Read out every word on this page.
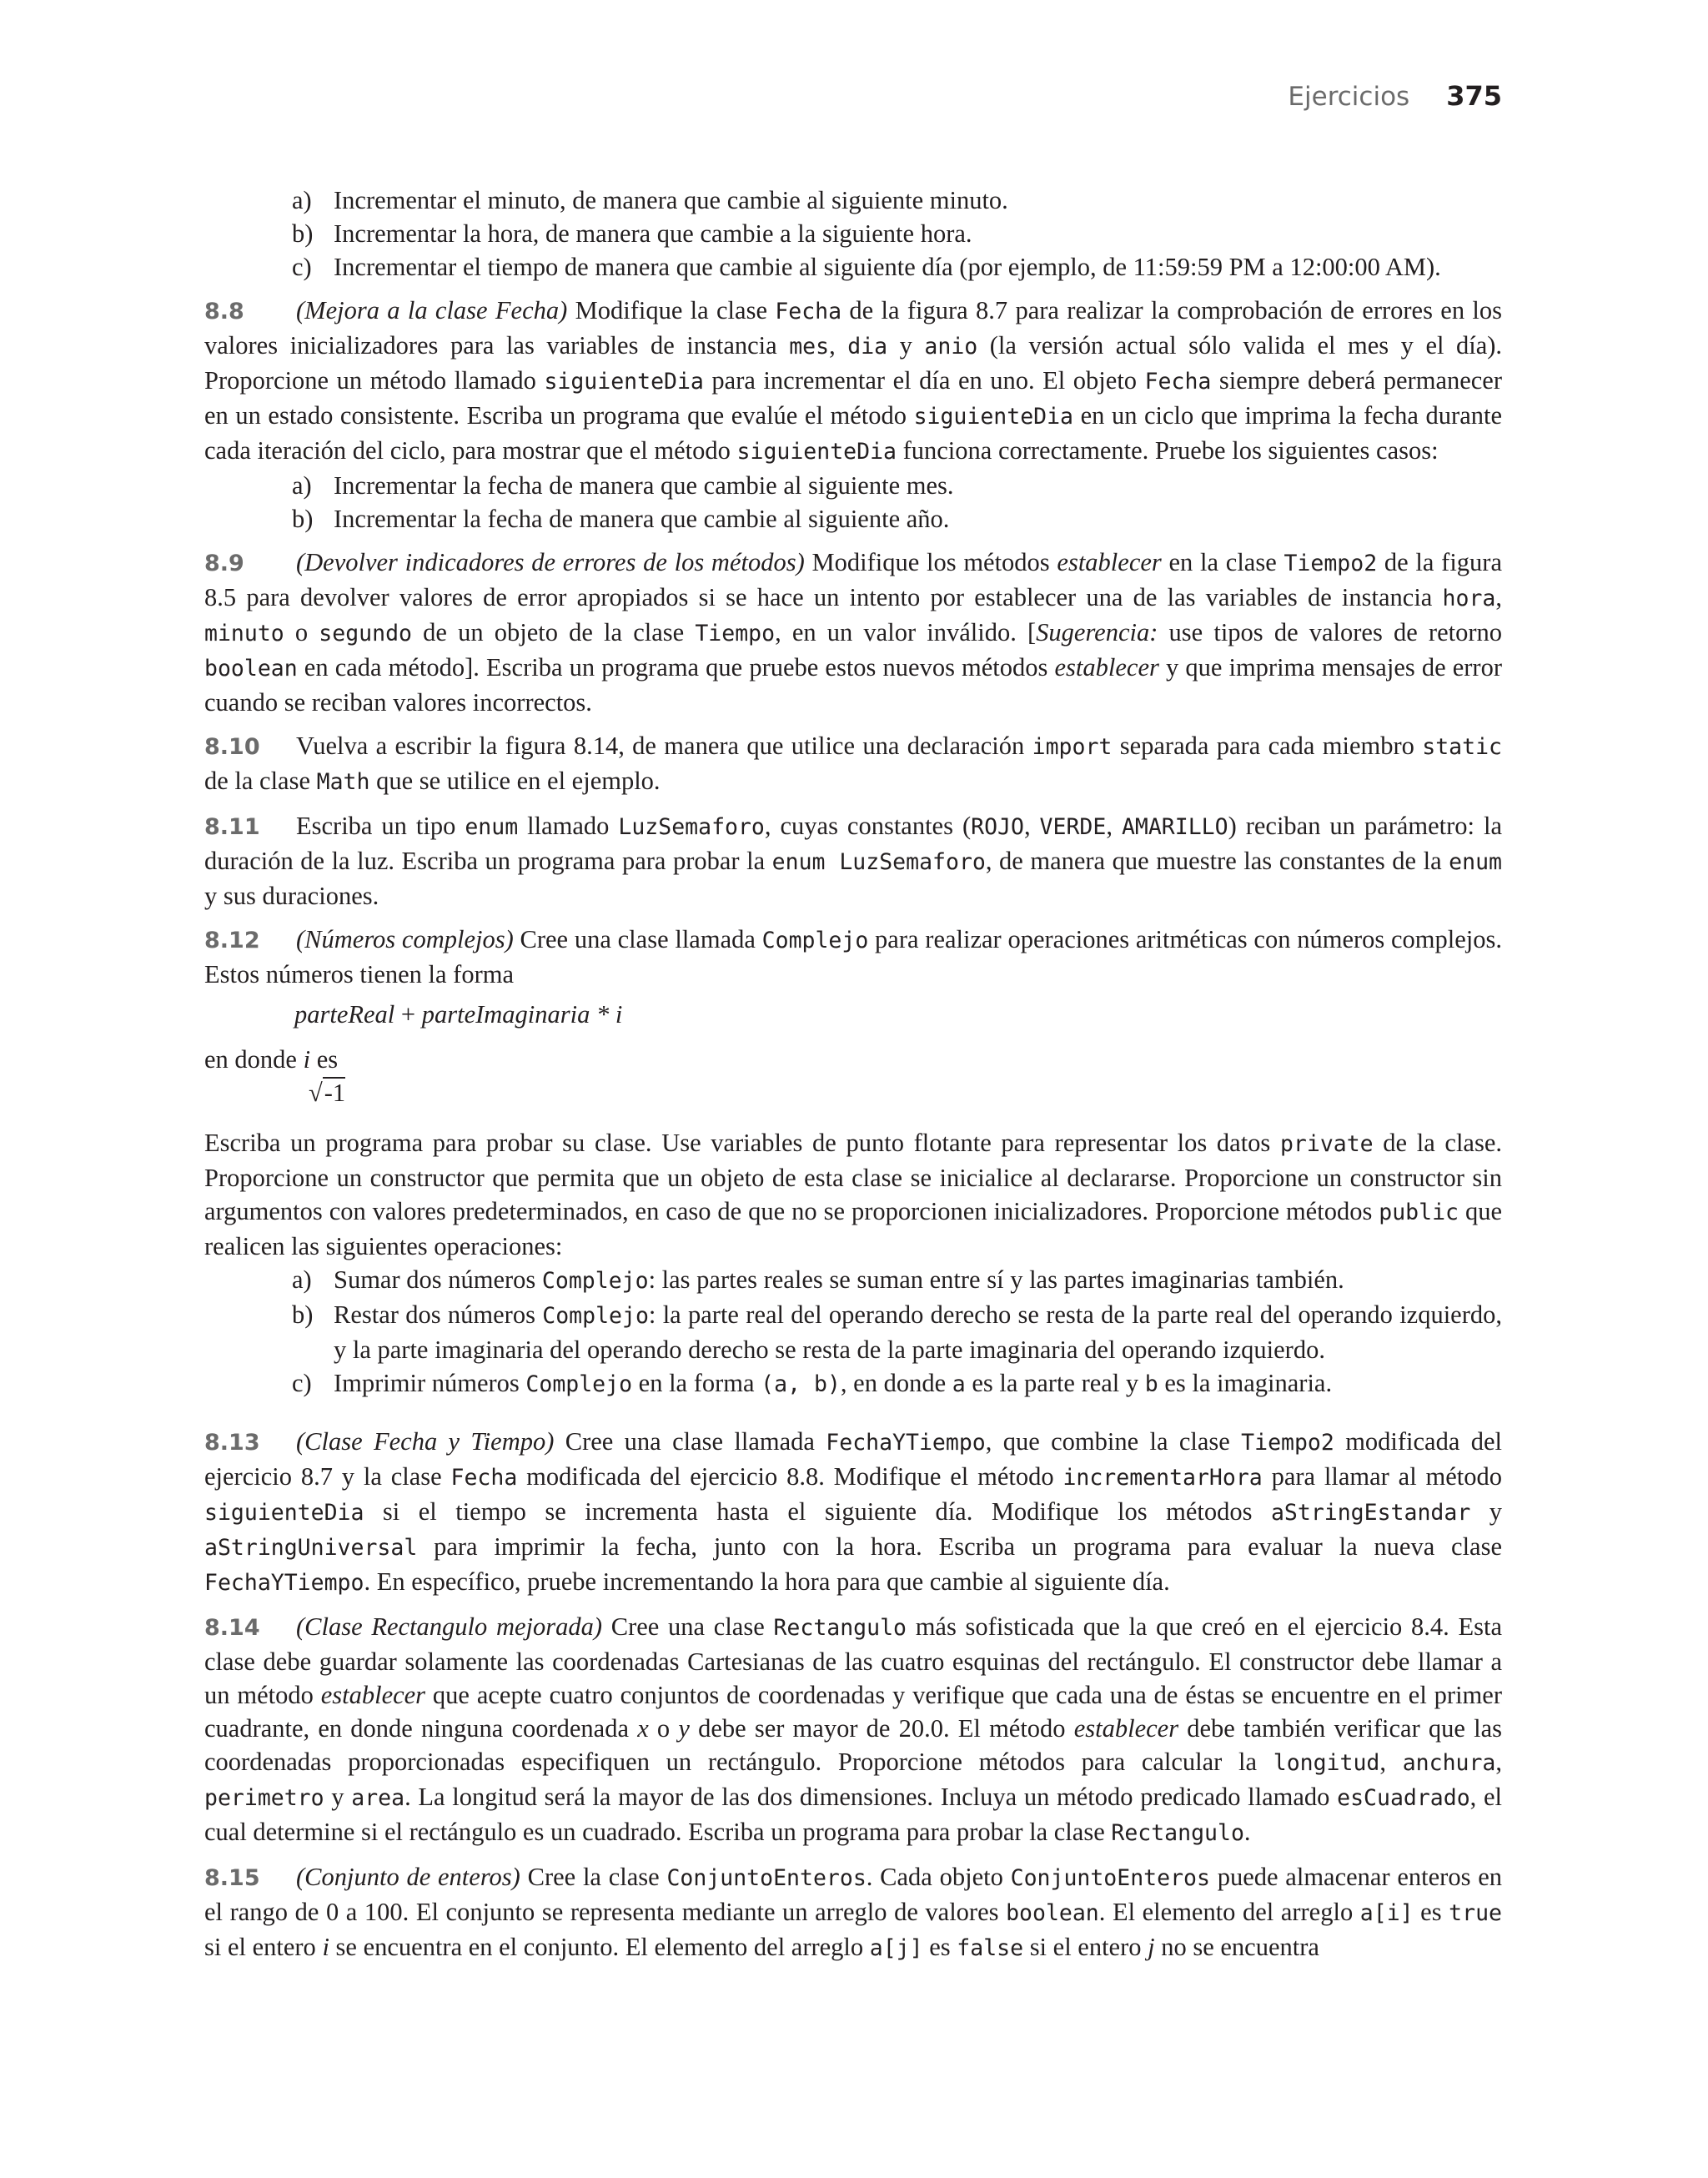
Ejercicios 375

a) Incrementar el minuto, de manera que cambie al siguiente minuto.

b) Incrementar la hora, de manera que cambie a la siguiente hora.

c) Incrementar el tiempo de manera que cambie al siguiente día (por ejemplo, de 11:59:59 PM a 12:00:00 AM).

8.8 (Mejora a la clase Fecha) Modifique la clase Fecha de la figura 8.7 para realizar la comprobación de errores en los valores inicializadores para las variables de instancia mes, dia y anio (la versión actual sólo valida el mes y el día). Proporcione un método llamado siguienteDia para incrementar el día en uno. El objeto Fecha siempre deberá permanecer en un estado consistente. Escriba un programa que evalúe el método siguienteDia en un ciclo que imprima la fecha durante cada iteración del ciclo, para mostrar que el método siguienteDia funciona correctamente. Pruebe los siguientes casos:

a) Incrementar la fecha de manera que cambie al siguiente mes.

b) Incrementar la fecha de manera que cambie al siguiente año.

8.9 (Devolver indicadores de errores de los métodos) Modifique los métodos establecer en la clase Tiempo2 de la figura 8.5 para devolver valores de error apropiados si se hace un intento por establecer una de las variables de instancia hora, minuto o segundo de un objeto de la clase Tiempo, en un valor inválido. [Sugerencia: use tipos de valores de retorno boolean en cada método]. Escriba un programa que pruebe estos nuevos métodos establecer y que imprima mensajes de error cuando se reciban valores incorrectos.

8.10 Vuelva a escribir la figura 8.14, de manera que utilice una declaración import separada para cada miembro static de la clase Math que se utilice en el ejemplo.

8.11 Escriba un tipo enum llamado LuzSemaforo, cuyas constantes (ROJO, VERDE, AMARILLO) reciban un parámetro: la duración de la luz. Escriba un programa para probar la enum LuzSemaforo, de manera que muestre las constantes de la enum y sus duraciones.

8.12 (Números complejos) Cree una clase llamada Complejo para realizar operaciones aritméticas con números complejos. Estos números tienen la forma

parteReal + parteImaginaria * i

en donde i es

√-1

Escriba un programa para probar su clase. Use variables de punto flotante para representar los datos private de la clase. Proporcione un constructor que permita que un objeto de esta clase se inicialice al declararse. Proporcione un constructor sin argumentos con valores predeterminados, en caso de que no se proporcionen inicializadores. Proporcione métodos public que realicen las siguientes operaciones:

a) Sumar dos números Complejo: las partes reales se suman entre sí y las partes imaginarias también.

b) Restar dos números Complejo: la parte real del operando derecho se resta de la parte real del operando izquierdo, y la parte imaginaria del operando derecho se resta de la parte imaginaria del operando izquierdo.

c) Imprimir números Complejo en la forma (a, b), en donde a es la parte real y b es la imaginaria.

8.13 (Clase Fecha y Tiempo) Cree una clase llamada FechaYTiempo, que combine la clase Tiempo2 modificada del ejercicio 8.7 y la clase Fecha modificada del ejercicio 8.8. Modifique el método incrementarHora para llamar al método siguienteDia si el tiempo se incrementa hasta el siguiente día. Modifique los métodos aStringEstandar y aStringUniversal para imprimir la fecha, junto con la hora. Escriba un programa para evaluar la nueva clase FechaYTiempo. En específico, pruebe incrementando la hora para que cambie al siguiente día.

8.14 (Clase Rectangulo mejorada) Cree una clase Rectangulo más sofisticada que la que creó en el ejercicio 8.4. Esta clase debe guardar solamente las coordenadas Cartesianas de las cuatro esquinas del rectángulo. El constructor debe llamar a un método establecer que acepte cuatro conjuntos de coordenadas y verifique que cada una de éstas se encuentre en el primer cuadrante, en donde ninguna coordenada x o y debe ser mayor de 20.0. El método establecer debe también verificar que las coordenadas proporcionadas especifiquen un rectángulo. Proporcione métodos para calcular la longitud, anchura, perimetro y area. La longitud será la mayor de las dos dimensiones. Incluya un método predicado llamado esCuadrado, el cual determine si el rectángulo es un cuadrado. Escriba un programa para probar la clase Rectangulo.

8.15 (Conjunto de enteros) Cree la clase ConjuntoEnteros. Cada objeto ConjuntoEnteros puede almacenar enteros en el rango de 0 a 100. El conjunto se representa mediante un arreglo de valores boolean. El elemento del arreglo a[i] es true si el entero i se encuentra en el conjunto. El elemento del arreglo a[j] es false si el entero j no se encuentra
